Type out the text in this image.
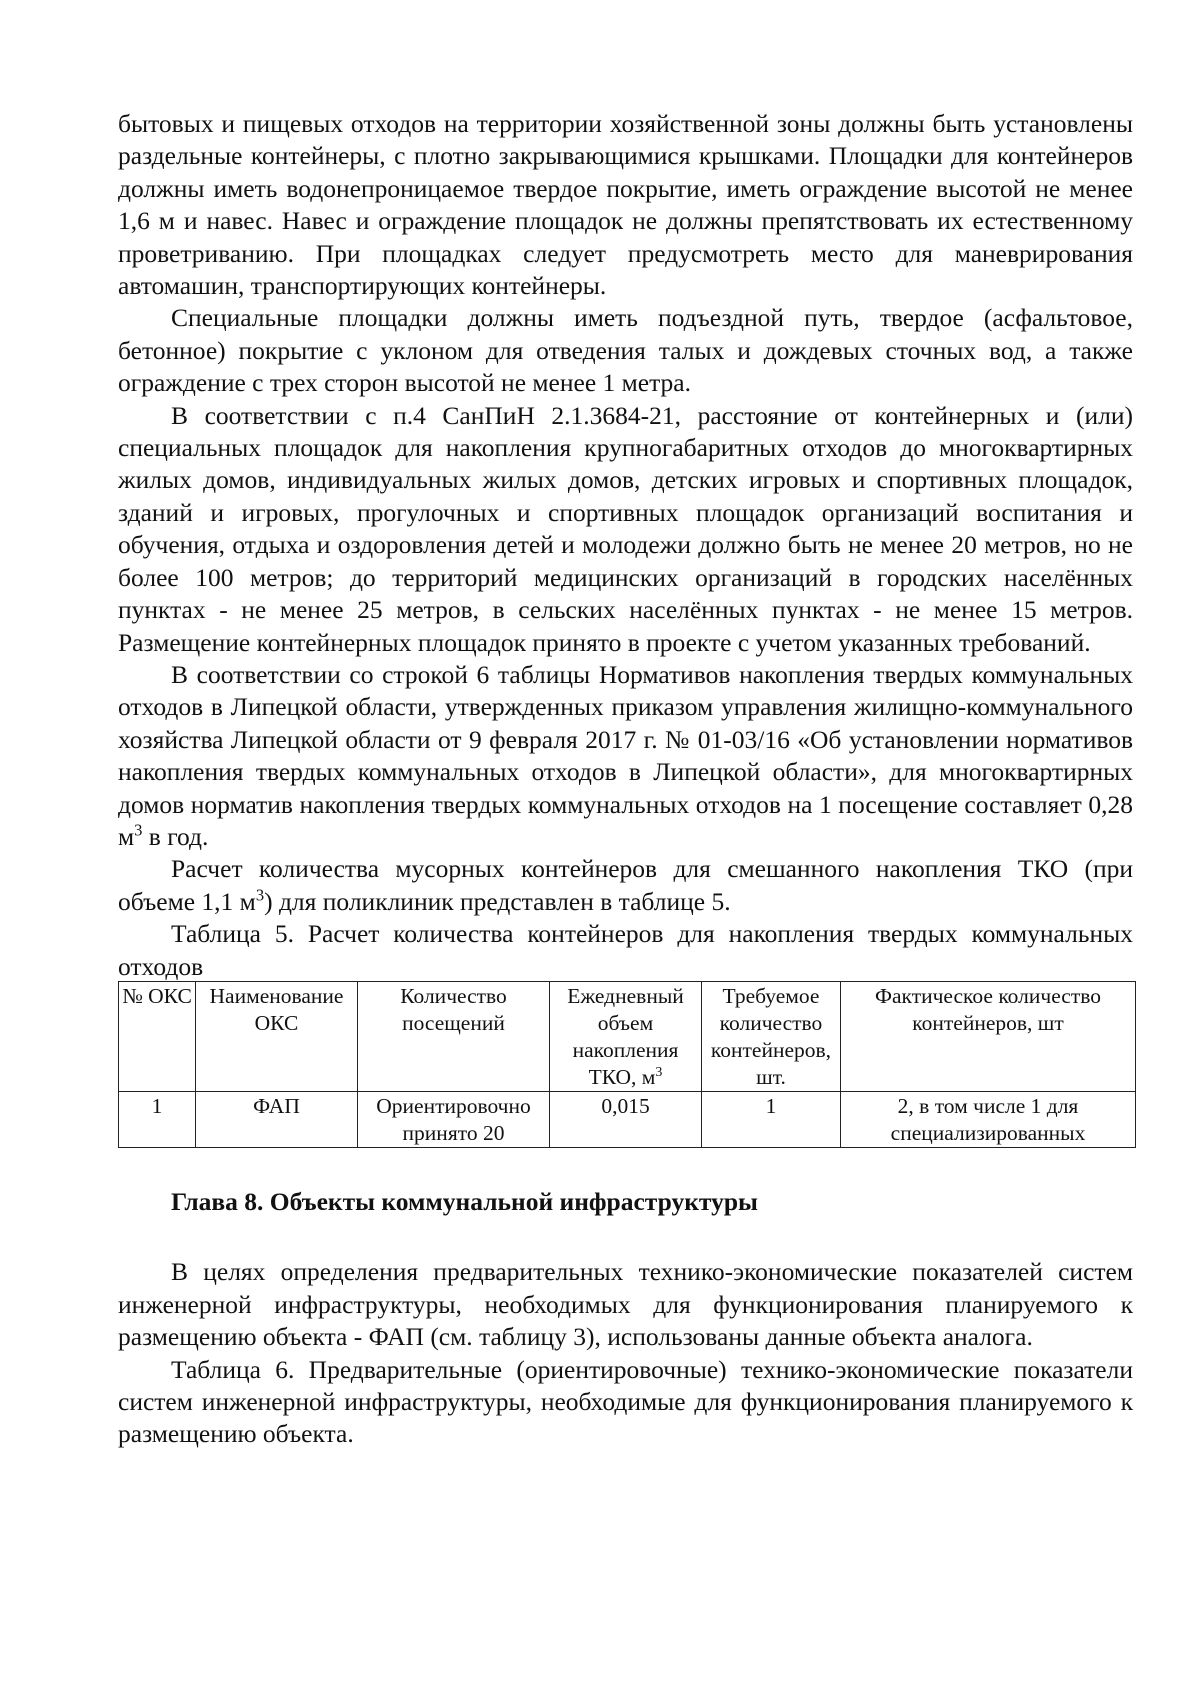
бытовых и пищевых отходов на территории хозяйственной зоны должны быть установлены раздельные контейнеры, с плотно закрывающимися крышками. Площадки для контейнеров должны иметь водонепроницаемое твердое покрытие, иметь ограждение высотой не менее 1,6 м и навес. Навес и ограждение площадок не должны препятствовать их естественному проветриванию. При площадках следует предусмотреть место для маневрирования автомашин, транспортирующих контейнеры.

Специальные площадки должны иметь подъездной путь, твердое (асфальтовое, бетонное) покрытие с уклоном для отведения талых и дождевых сточных вод, а также ограждение с трех сторон высотой не менее 1 метра.

В соответствии с п.4 СанПиН 2.1.3684-21, расстояние от контейнерных и (или) специальных площадок для накопления крупногабаритных отходов до многоквартирных жилых домов, индивидуальных жилых домов, детских игровых и спортивных площадок, зданий и игровых, прогулочных и спортивных площадок организаций воспитания и обучения, отдыха и оздоровления детей и молодежи должно быть не менее 20 метров, но не более 100 метров; до территорий медицинских организаций в городских населённых пунктах - не менее 25 метров, в сельских населённых пунктах - не менее 15 метров. Размещение контейнерных площадок принято в проекте с учетом указанных требований.

В соответствии со строкой 6 таблицы Нормативов накопления твердых коммунальных отходов в Липецкой области, утвержденных приказом управления жилищно-коммунального хозяйства Липецкой области от 9 февраля 2017 г. № 01-03/16 «Об установлении нормативов накопления твердых коммунальных отходов в Липецкой области», для многоквартирных домов норматив накопления твердых коммунальных отходов на 1 посещение составляет 0,28 $м^3$ в год.

Расчет количества мусорных контейнеров для смешанного накопления ТКО (при объеме 1,1 $м^3$) для поликлиник представлен в таблице 5.

Таблица 5. Расчет количества контейнеров для накопления твердых коммунальных отходов

№ ОКС	Наименование ОКС	Количество посещений	Ежедневный объем накопления ТКО, $м^3$	Требуемое количество контейнеров, шт.	Фактическое количество контейнеров, шт
1	ФАП	Ориентировочно принято 20	0,015	1	2, в том числе 1 для специализированных

Глава 8. Объекты коммунальной инфраструктуры

В целях определения предварительных технико-экономические показателей систем инженерной инфраструктуры, необходимых для функционирования планируемого к размещению объекта - ФАП (см. таблицу 3), использованы данные объекта аналога.

Таблица 6. Предварительные (ориентировочные) технико-экономические показатели систем инженерной инфраструктуры, необходимые для функционирования планируемого к размещению объекта.
